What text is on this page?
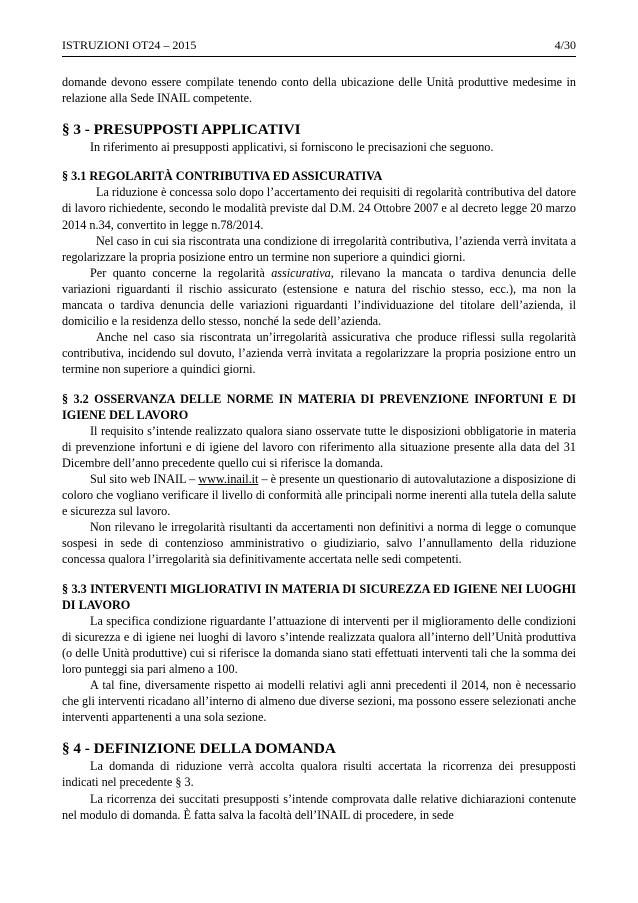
ISTRUZIONI OT24 – 2015	4/30

domande devono essere compilate tenendo conto della ubicazione delle Unità produttive medesime in relazione alla Sede INAIL competente.

§ 3 - PRESUPPOSTI APPLICATIVI

In riferimento ai presupposti applicativi, si forniscono le precisazioni che seguono.

§ 3.1 REGOLARITÀ CONTRIBUTIVA ED ASSICURATIVA

La riduzione è concessa solo dopo l’accertamento dei requisiti di regolarità contributiva del datore di lavoro richiedente, secondo le modalità previste dal D.M. 24 Ottobre 2007 e al decreto legge 20 marzo 2014 n.34, convertito in legge n.78/2014.

Nel caso in cui sia riscontrata una condizione di irregolarità contributiva, l’azienda verrà invitata a regolarizzare la propria posizione entro un termine non superiore a quindici giorni.

Per quanto concerne la regolarità assicurativa, rilevano la mancata o tardiva denuncia delle variazioni riguardanti il rischio assicurato (estensione e natura del rischio stesso, ecc.), ma non la mancata o tardiva denuncia delle variazioni riguardanti l’individuazione del titolare dell’azienda, il domicilio e la residenza dello stesso, nonché la sede dell’azienda.

Anche nel caso sia riscontrata un’irregolarità assicurativa che produce riflessi sulla regolarità contributiva, incidendo sul dovuto, l’azienda verrà invitata a regolarizzare la propria posizione entro un termine non superiore a quindici giorni.

§ 3.2 OSSERVANZA DELLE NORME IN MATERIA DI PREVENZIONE INFORTUNI E DI IGIENE DEL LAVORO

Il requisito s’intende realizzato qualora siano osservate tutte le disposizioni obbligatorie in materia di prevenzione infortuni e di igiene del lavoro con riferimento alla situazione presente alla data del 31 Dicembre dell’anno precedente quello cui si riferisce la domanda.

Sul sito web INAIL – www.inail.it – è presente un questionario di autovalutazione a disposizione di coloro che vogliano verificare il livello di conformità alle principali norme inerenti alla tutela della salute e sicurezza sul lavoro.

Non rilevano le irregolarità risultanti da accertamenti non definitivi a norma di legge o comunque sospesi in sede di contenzioso amministrativo o giudiziario, salvo l’annullamento della riduzione concessa qualora l’irregolarità sia definitivamente accertata nelle sedi competenti.

§ 3.3 INTERVENTI MIGLIORATIVI IN MATERIA DI SICUREZZA ED IGIENE NEI LUOGHI DI LAVORO

La specifica condizione riguardante l’attuazione di interventi per il miglioramento delle condizioni di sicurezza e di igiene nei luoghi di lavoro s’intende realizzata qualora all’interno dell’Unità produttiva (o delle Unità produttive) cui si riferisce la domanda siano stati effettuati interventi tali che la somma dei loro punteggi sia pari almeno a 100.

A tal fine, diversamente rispetto ai modelli relativi agli anni precedenti il 2014, non è necessario che gli interventi ricadano all’interno di almeno due diverse sezioni, ma possono essere selezionati anche interventi appartenenti a una sola sezione.

§ 4 - DEFINIZIONE DELLA DOMANDA

La domanda di riduzione verrà accolta qualora risulti accertata la ricorrenza dei presupposti indicati nel precedente § 3.

La ricorrenza dei succitati presupposti s’intende comprovata dalle relative dichiarazioni contenute nel modulo di domanda. È fatta salva la facoltà dell’INAIL di procedere, in sede
